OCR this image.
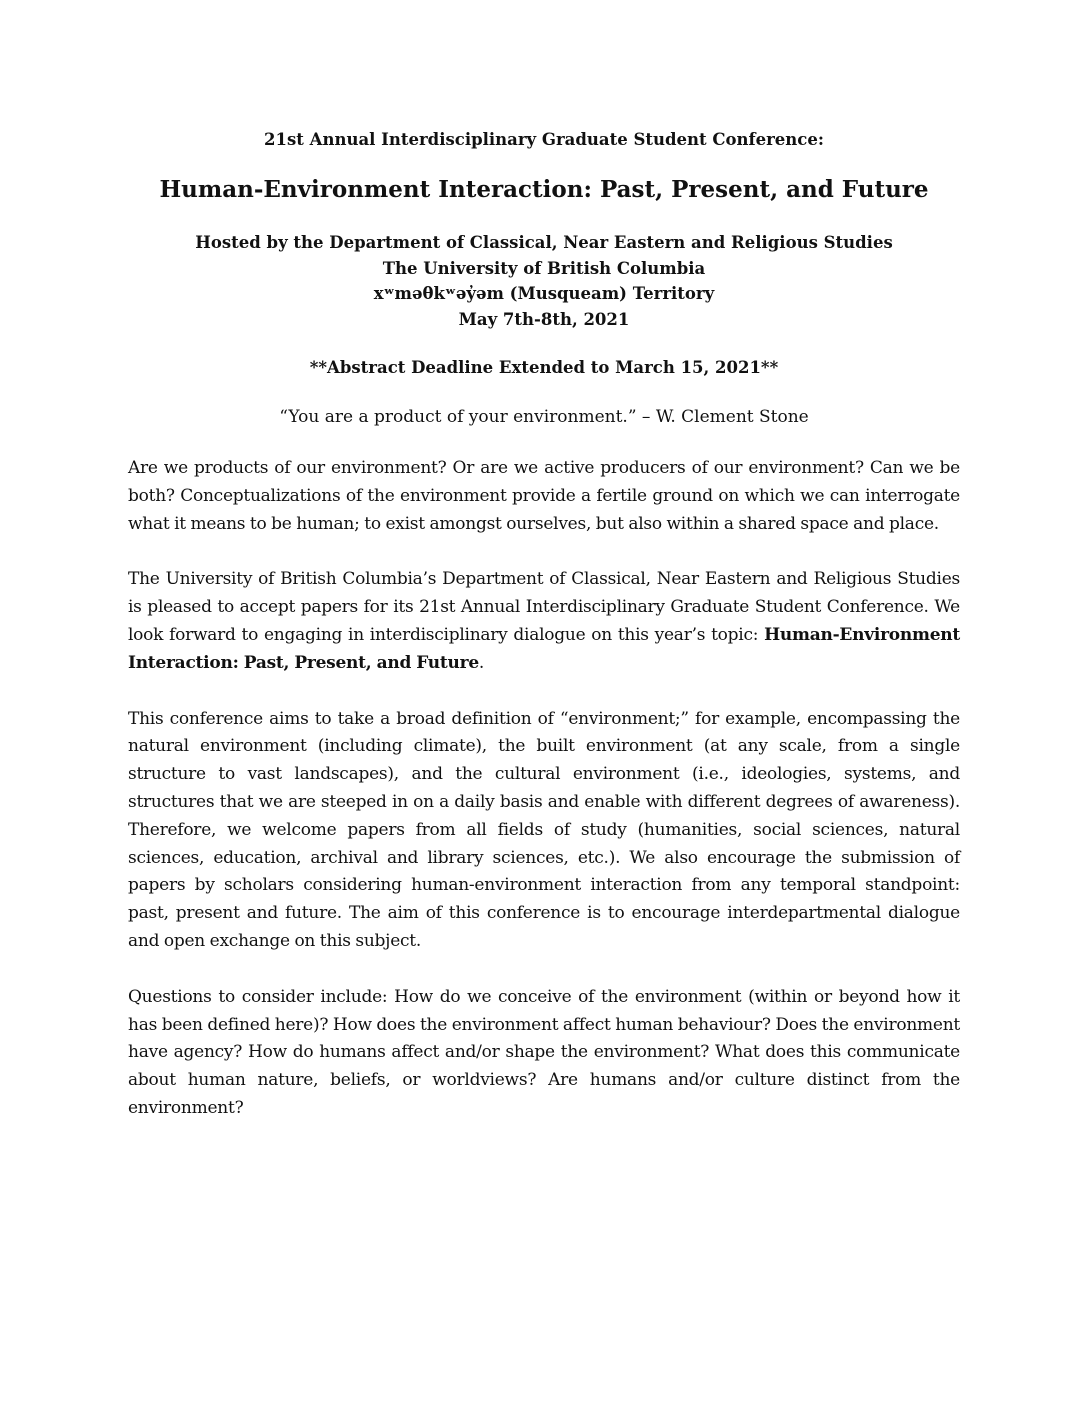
21st Annual Interdisciplinary Graduate Student Conference:
Human-Environment Interaction: Past, Present, and Future
Hosted by the Department of Classical, Near Eastern and Religious Studies
The University of British Columbia
xʷməθkʷəy̓əm (Musqueam) Territory
May 7th-8th, 2021
**Abstract Deadline Extended to March 15, 2021**
“You are a product of your environment.” – W. Clement Stone

Are we products of our environment? Or are we active producers of our environment? Can we be both? Conceptualizations of the environment provide a fertile ground on which we can interrogate what it means to be human; to exist amongst ourselves, but also within a shared space and place.

The University of British Columbia’s Department of Classical, Near Eastern and Religious Studies is pleased to accept papers for its 21st Annual Interdisciplinary Graduate Student Conference. We look forward to engaging in interdisciplinary dialogue on this year’s topic: Human-Environment Interaction: Past, Present, and Future.

This conference aims to take a broad definition of “environment;” for example, encompassing the natural environment (including climate), the built environment (at any scale, from a single structure to vast landscapes), and the cultural environment (i.e., ideologies, systems, and structures that we are steeped in on a daily basis and enable with different degrees of awareness). Therefore, we welcome papers from all fields of study (humanities, social sciences, natural sciences, education, archival and library sciences, etc.). We also encourage the submission of papers by scholars considering human-environment interaction from any temporal standpoint: past, present and future. The aim of this conference is to encourage interdepartmental dialogue and open exchange on this subject.

Questions to consider include: How do we conceive of the environment (within or beyond how it has been defined here)? How does the environment affect human behaviour? Does the environment have agency? How do humans affect and/or shape the environment? What does this communicate about human nature, beliefs, or worldviews? Are humans and/or culture distinct from the environment?
